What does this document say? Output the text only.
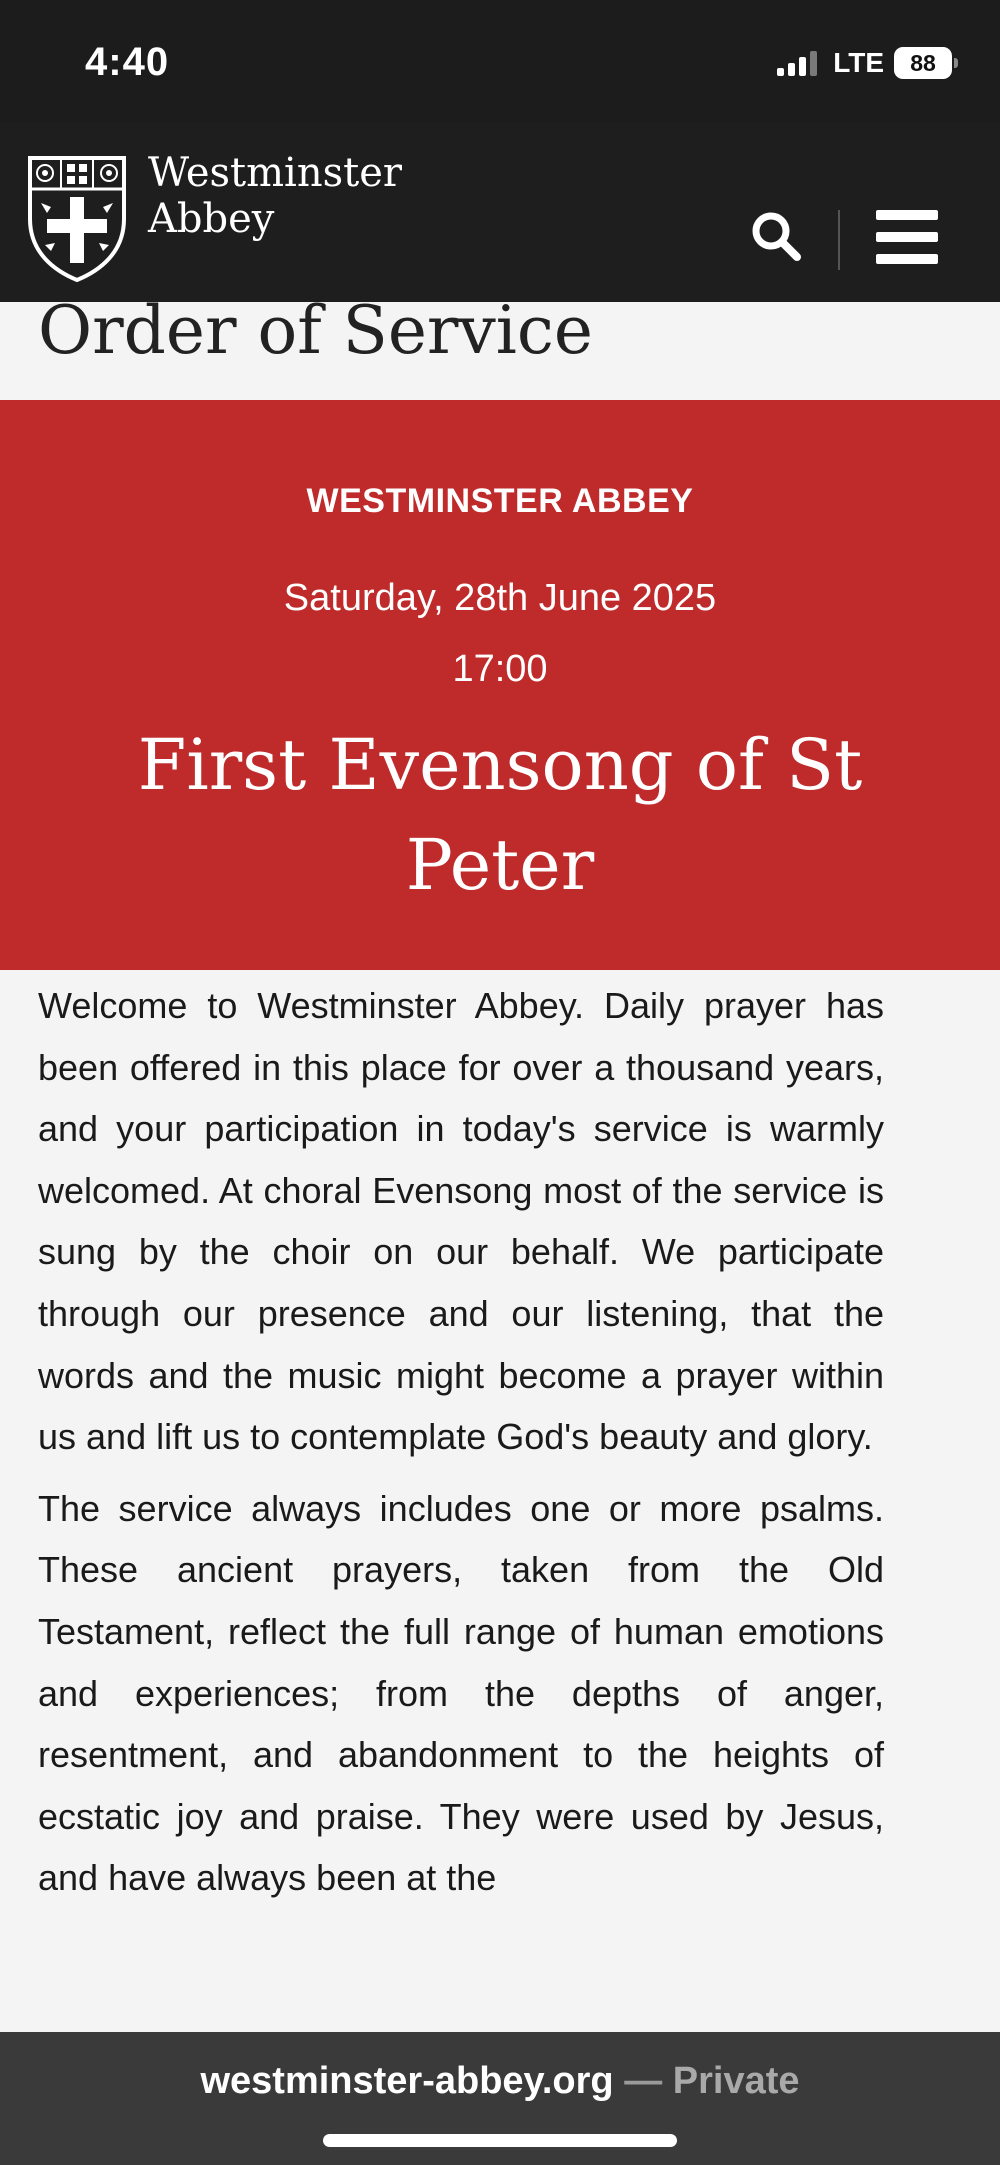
4:40	LTE	88
Westminster
Abbey
Order of Service
WESTMINSTER ABBEY
Saturday, 28th June 2025
17:00
First Evensong of St Peter

Welcome to Westminster Abbey. Daily prayer has been offered in this place for over a thousand years, and your participation in today's service is warmly welcomed. At choral Evensong most of the service is sung by the choir on our behalf. We participate through our presence and our listening, that the words and the music might become a prayer within us and lift us to contemplate God's beauty and glory.

The service always includes one or more psalms. These ancient prayers, taken from the Old Testament, reflect the full range of human emotions and experiences; from the depths of anger, resentment, and abandonment to the heights of ecstatic joy and praise. They were used by Jesus, and have always been at the

westminster-abbey.org — Private
